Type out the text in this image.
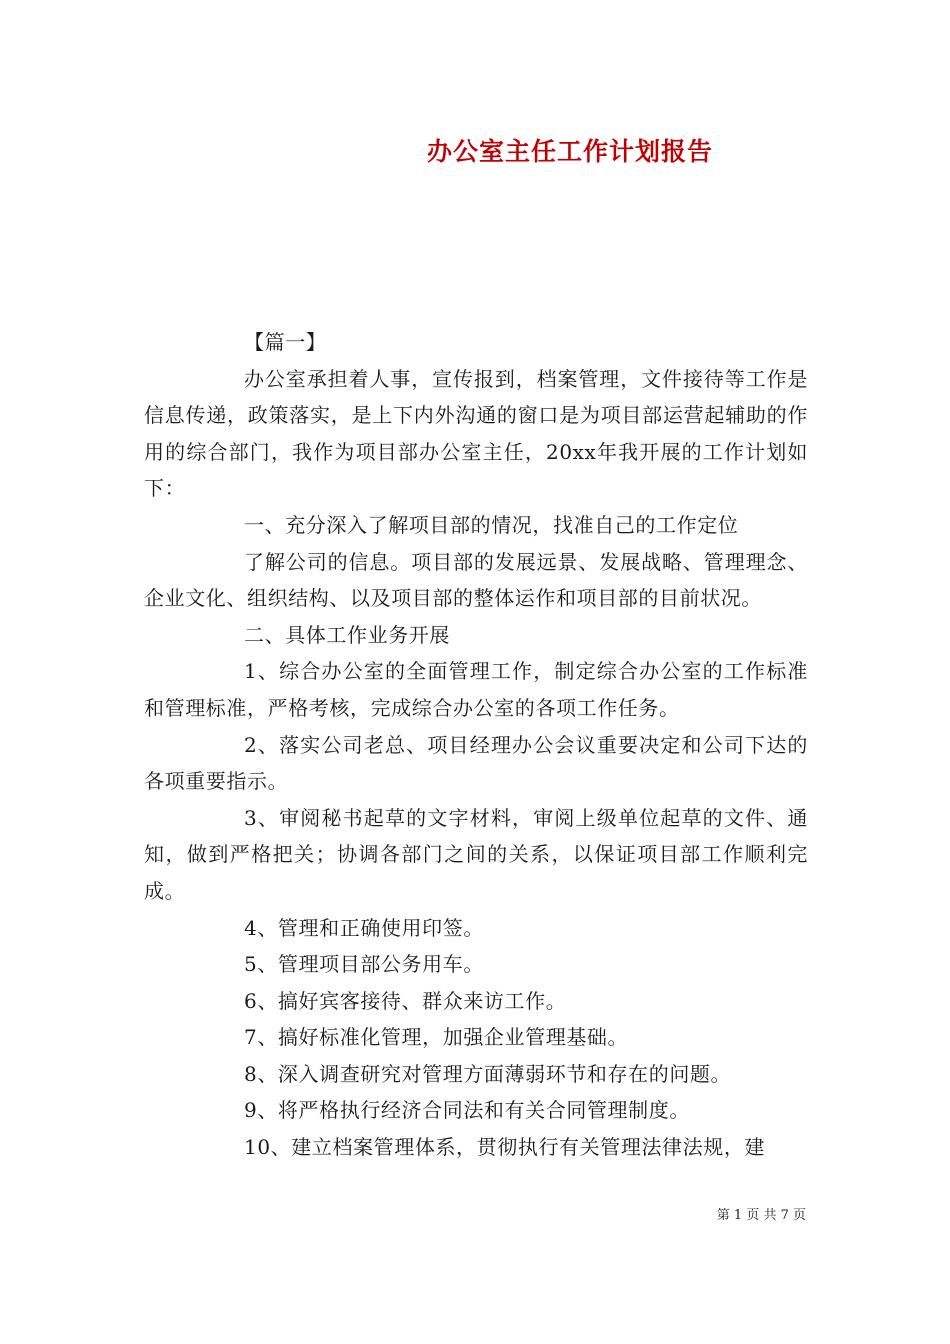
办公室主任工作计划报告

【篇一】

办公室承担着人事，宣传报到，档案管理，文件接待等工作是信息传递，政策落实，是上下内外沟通的窗口是为项目部运营起辅助的作用的综合部门，我作为项目部办公室主任，20xx年我开展的工作计划如下：

一、充分深入了解项目部的情况，找准自己的工作定位

了解公司的信息。项目部的发展远景、发展战略、管理理念、企业文化、组织结构、以及项目部的整体运作和项目部的目前状况。

二、具体工作业务开展

1、综合办公室的全面管理工作，制定综合办公室的工作标准和管理标准，严格考核，完成综合办公室的各项工作任务。

2、落实公司老总、项目经理办公会议重要决定和公司下达的各项重要指示。

3、审阅秘书起草的文字材料，审阅上级单位起草的文件、通知，做到严格把关；协调各部门之间的关系，以保证项目部工作顺利完成。

4、管理和正确使用印签。

5、管理项目部公务用车。

6、搞好宾客接待、群众来访工作。

7、搞好标准化管理，加强企业管理基础。

8、深入调查研究对管理方面薄弱环节和存在的问题。

9、将严格执行经济合同法和有关合同管理制度。

10、建立档案管理体系，贯彻执行有关管理法律法规，建

第 1 页 共 7 页
